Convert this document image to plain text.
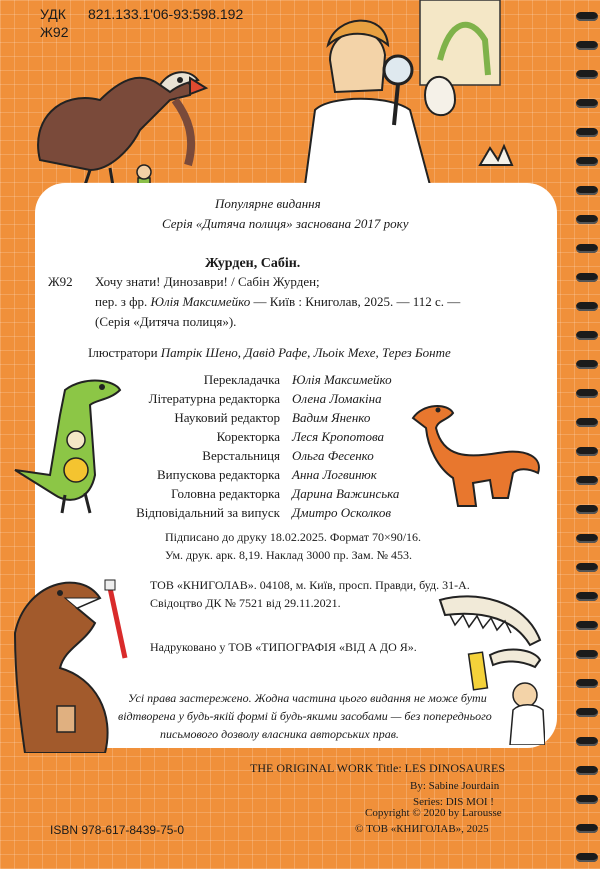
УДК 821.133.1'06-93:598.192
Ж92
Популярне видання
Серія «Дитяча полиця» заснована 2017 року
Журден, Сабін.
Ж92 Хочу знати! Динозаври! / Сабін Журден;
пер. з фр. Юлія Максимейко — Київ : Книголав, 2025. — 112 с. —
(Серія «Дитяча полиця»).
Ілюстратори Патрік Шено, Давід Рафе, Льоік Мехе, Терез Бонте
Перекладачка Юлія Максимейко
Літературна редакторка Олена Ломакіна
Науковий редактор Вадим Яненко
Коректорка Леся Кропотова
Верстальниця Ольга Фесенко
Випускова редакторка Анна Логвинюк
Головна редакторка Дарина Важинська
Відповідальний за випуск Дмитро Осколков
Підписано до друку 18.02.2025. Формат 70×90/16.
Ум. друк. арк. 8,19. Наклад 3000 пр. Зам. № 453.
ТОВ «КНИГОЛАВ». 04108, м. Київ, просп. Правди, буд. 31-А.
Свідоцтво ДК № 7521 від 29.11.2021.
Надруковано у ТОВ «ТИПОГРАФІЯ «ВІД А ДО Я».
Усі права застережено. Жодна частина цього видання не може бути
відтворена у будь-якій формі й будь-якими засобами — без попереднього
письмового дозволу власника авторських прав.
THE ORIGINAL WORK Title: LES DINOSAURES
By: Sabine Jourdain
Series: DIS MOI !
ISBN 978-617-8439-75-0
Copyright © 2020 by Larousse
© ТОВ «КНИГОЛАВ», 2025
